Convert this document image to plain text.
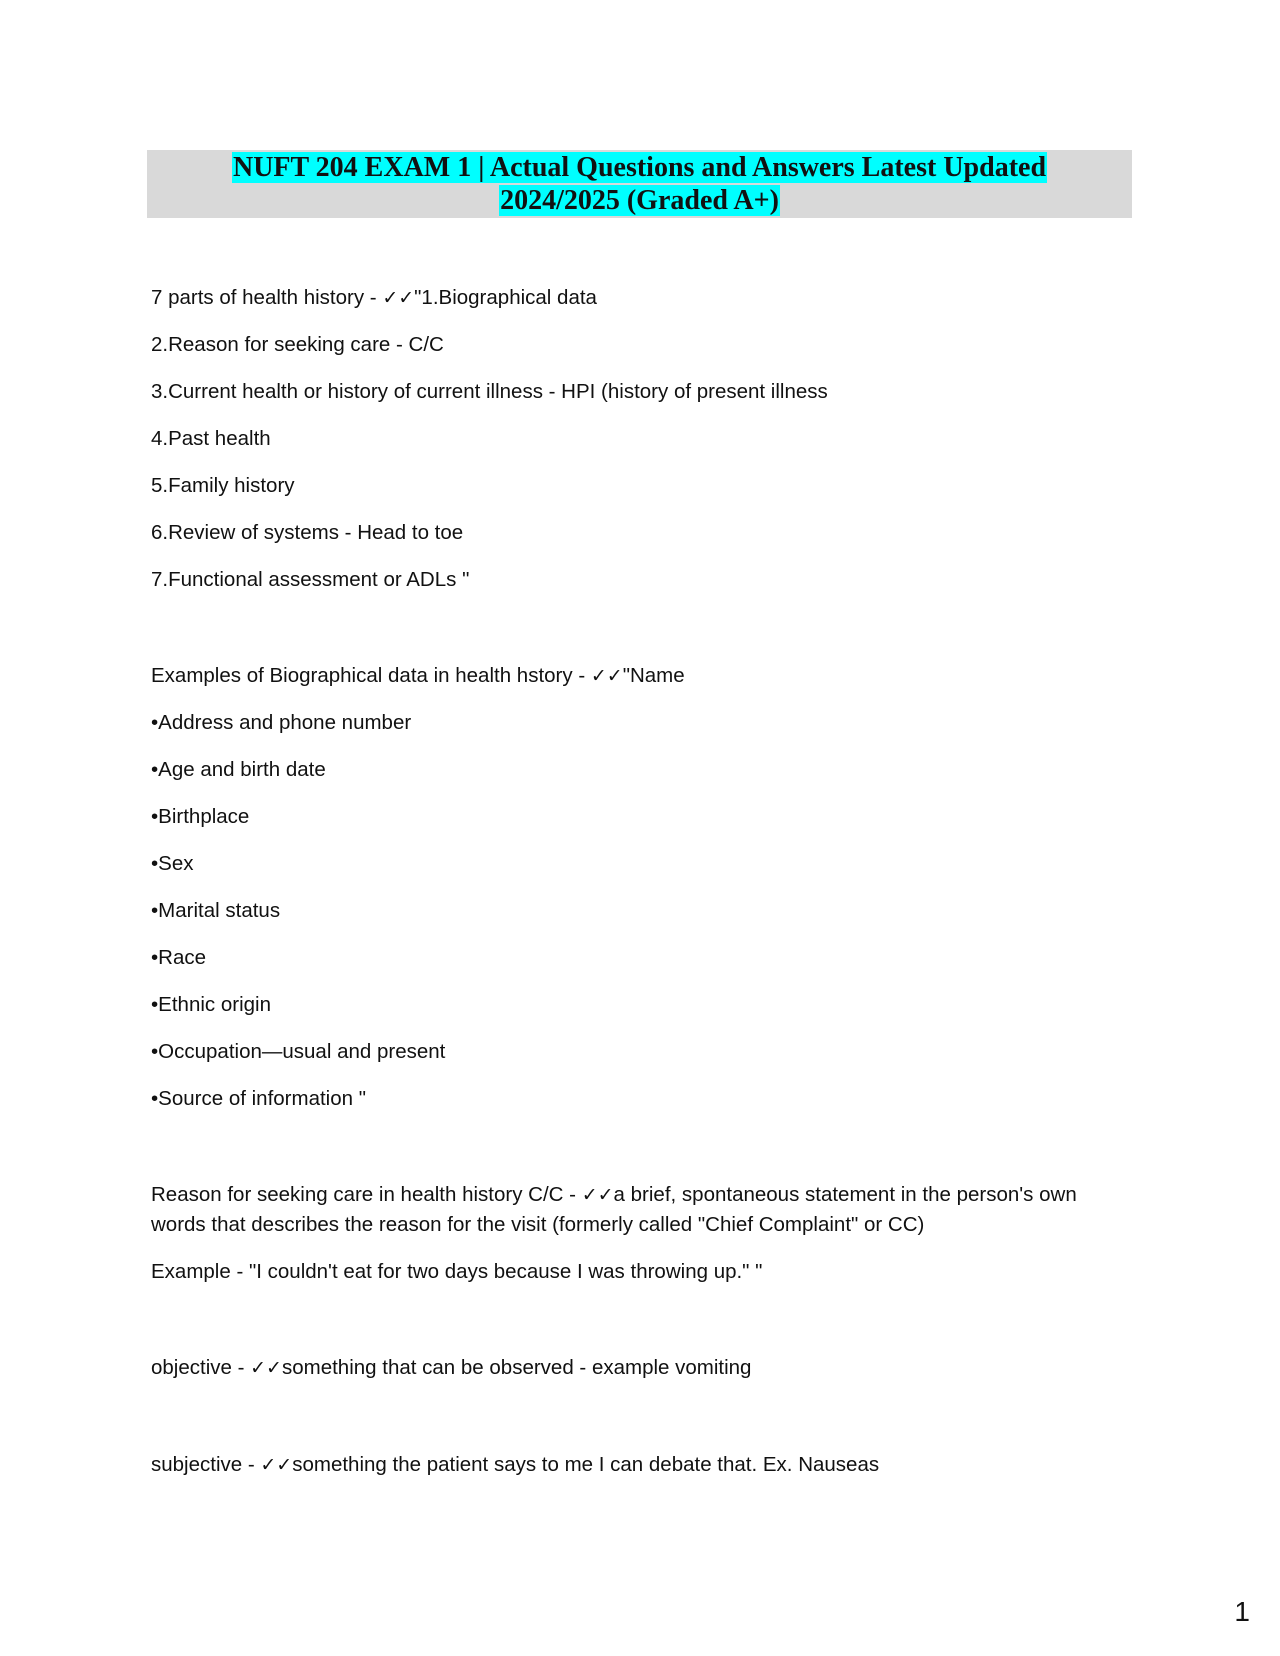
NUFT 204 EXAM 1 | Actual Questions and Answers Latest Updated
2024/2025 (Graded A+)
7 parts of health history - ✓✓"1.Biographical data
2.Reason for seeking care - C/C
3.Current health or history of current illness - HPI (history of present illness
4.Past health
5.Family history
6.Review of systems - Head to toe
7.Functional assessment or ADLs "
Examples of Biographical data in health hstory - ✓✓"Name
•Address and phone number
•Age and birth date
•Birthplace
•Sex
•Marital status
•Race
•Ethnic origin
•Occupation—usual and present
•Source of information "
Reason for seeking care in health history C/C - ✓✓a brief, spontaneous statement in the person's own
words that describes the reason for the visit (formerly called "Chief Complaint" or CC)
Example - "I couldn't eat for two days because I was throwing up." "
objective - ✓✓something that can be observed - example vomiting
subjective - ✓✓something the patient says to me I can debate that. Ex. Nauseas
1
